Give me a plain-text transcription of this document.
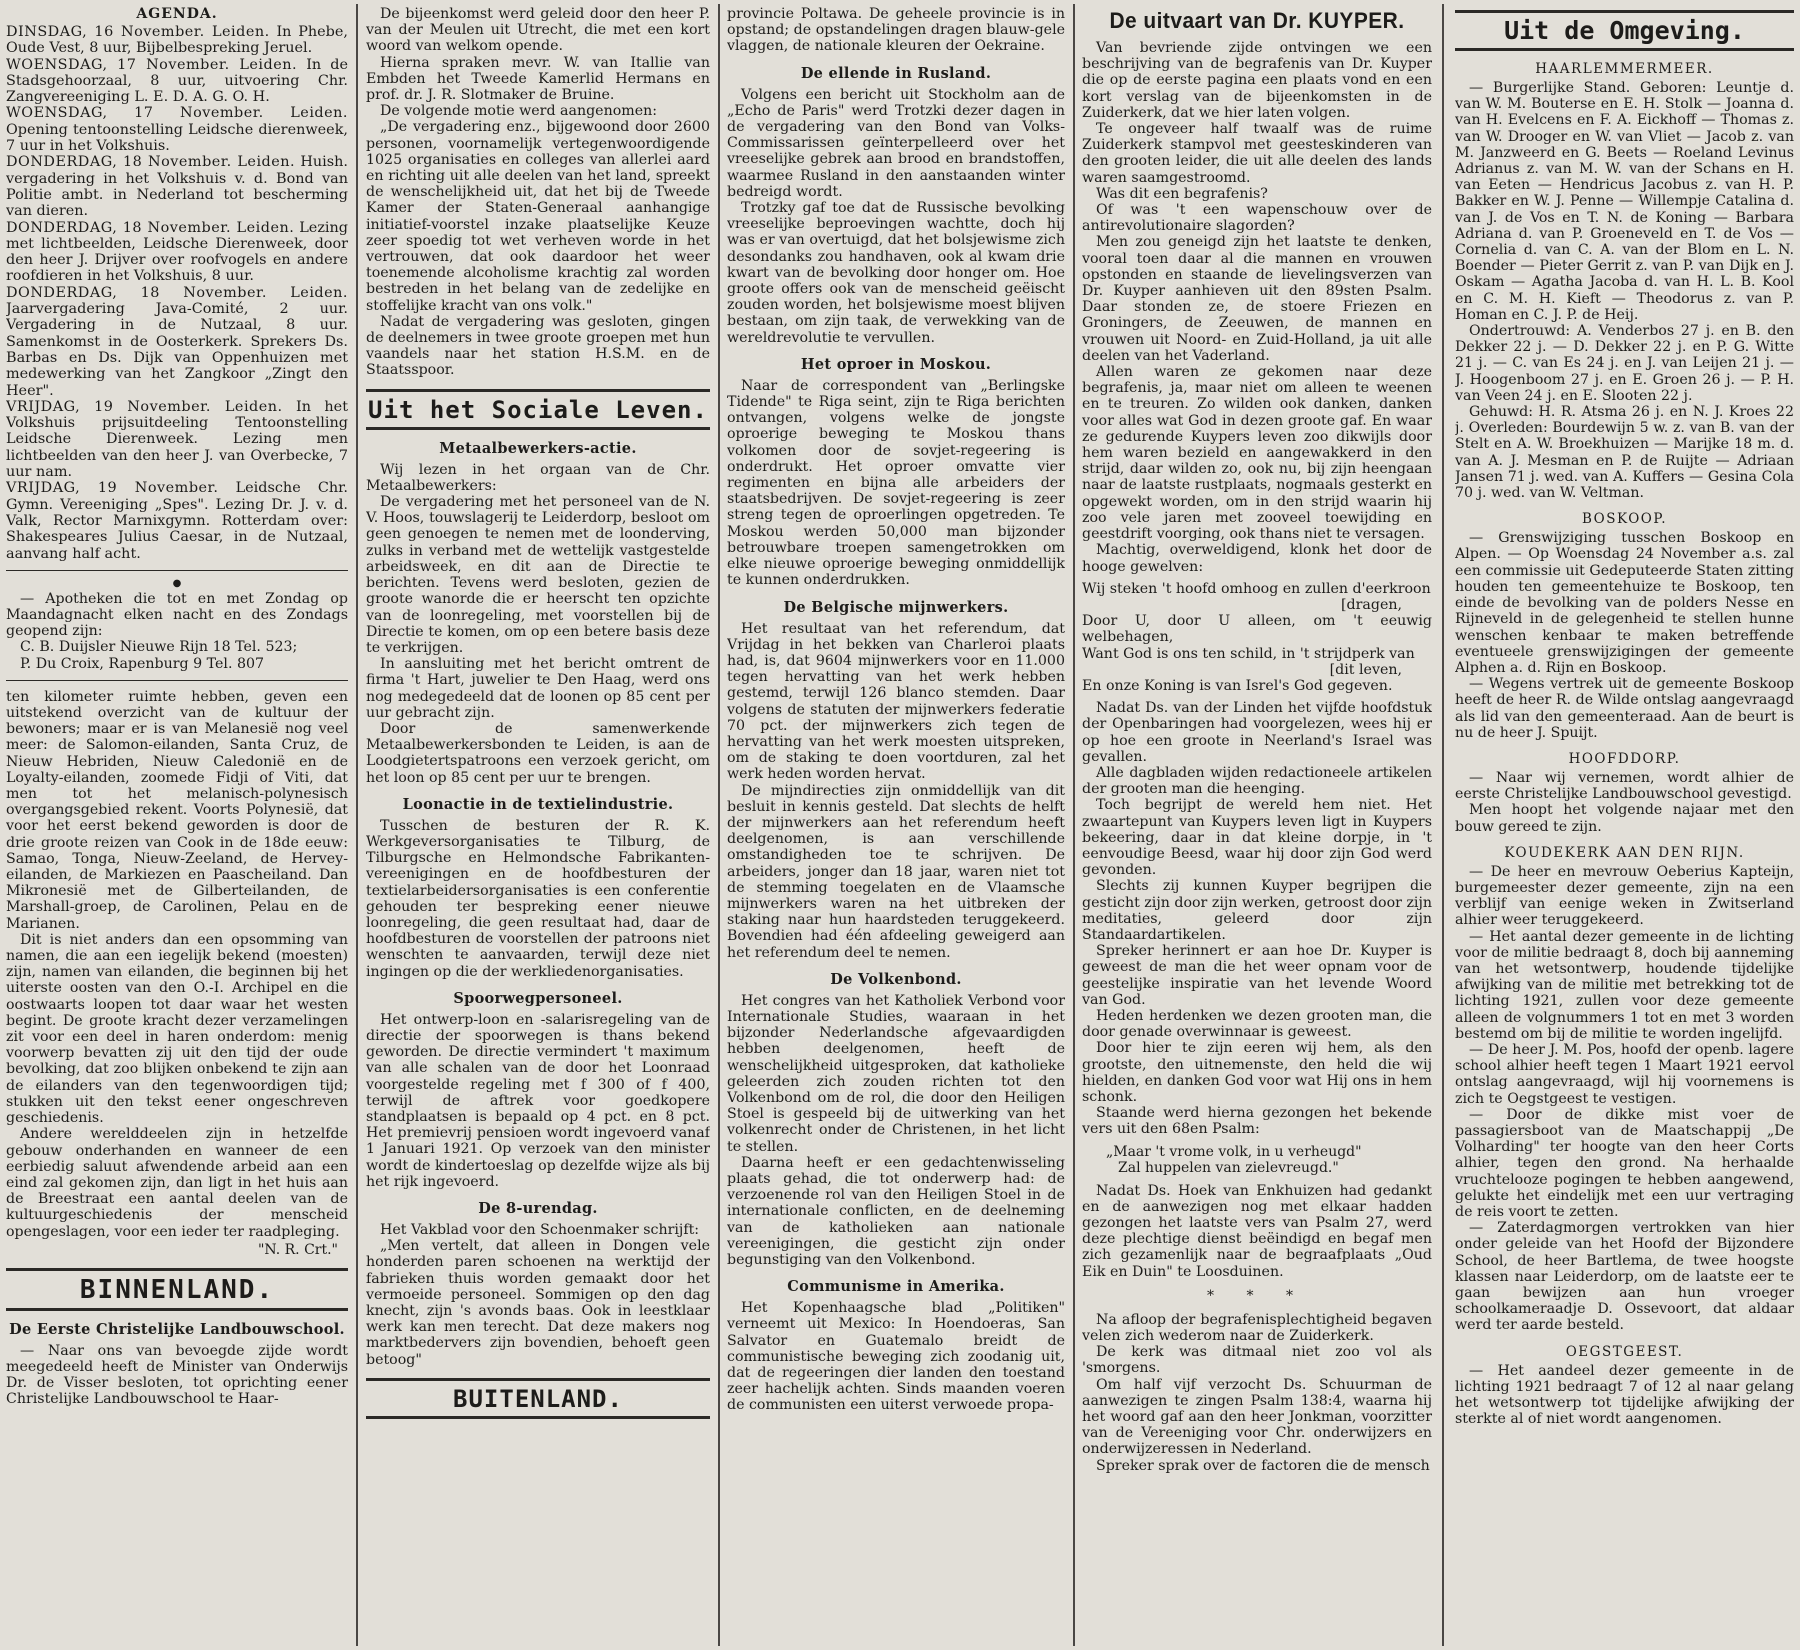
AGENDA.

DINSDAG, 16 November. Leiden. In Phebe, Oude Vest, 8 uur, Bijbelbespreking Jeruel.

WOENSDAG, 17 November. Leiden. In de Stadsgehoorzaal, 8 uur, uitvoering Chr. Zangvereeniging L. E. D. A. G. O. H.

WOENSDAG, 17 November. Leiden. Opening tentoonstelling Leidsche dierenweek, 7 uur in het Volkshuis.

DONDERDAG, 18 November. Leiden. Huish. vergadering in het Volkshuis v. d. Bond van Politie ambt. in Nederland tot bescherming van dieren.

DONDERDAG, 18 November. Leiden. Lezing met lichtbeelden, Leidsche Dierenweek, door den heer J. Drijver over roofvogels en andere roofdieren in het Volkshuis, 8 uur.

DONDERDAG, 18 November. Leiden. Jaarvergadering Java-Comité, 2 uur. Vergadering in de Nutzaal, 8 uur. Samenkomst in de Oosterkerk. Sprekers Ds. Barbas en Ds. Dijk van Oppenhuizen met medewerking van het Zangkoor „Zingt den Heer".

VRIJDAG, 19 November. Leiden. In het Volkshuis prijsuitdeeling Tentoonstelling Leidsche Dierenweek. Lezing men lichtbeelden van den heer J. van Overbecke, 7 uur nam.

VRIJDAG, 19 November. Leidsche Chr. Gymn. Vereeniging „Spes". Lezing Dr. J. v. d. Valk, Rector Marnixgymn. Rotterdam over: Shakespeares Julius Caesar, in de Nutzaal, aanvang half acht.

●

— Apotheken die tot en met Zondag op Maandagnacht elken nacht en des Zondags geopend zijn:

C. B. Duijsler Nieuwe Rijn 18 Tel. 523;

P. Du Croix, Rapenburg 9 Tel. 807

ten kilometer ruimte hebben, geven een uitstekend overzicht van de kultuur der bewoners; maar er is van Melanesië nog veel meer: de Salomon-eilanden, Santa Cruz, de Nieuw Hebriden, Nieuw Caledonië en de Loyalty-eilanden, zoomede Fidji of Viti, dat men tot het melanisch-polynesisch overgangsgebied rekent. Voorts Polynesië, dat voor het eerst bekend geworden is door de drie groote reizen van Cook in de 18de eeuw: Samao, Tonga, Nieuw-Zeeland, de Hervey-eilanden, de Markiezen en Paascheiland. Dan Mikronesië met de Gilberteilanden, de Marshall-groep, de Carolinen, Pelau en de Marianen.

Dit is niet anders dan een opsomming van namen, die aan een iegelijk bekend (moesten) zijn, namen van eilanden, die beginnen bij het uiterste oosten van den O.-I. Archipel en die oostwaarts loopen tot daar waar het westen begint. De groote kracht dezer verzamelingen zit voor een deel in haren onderdom: menig voorwerp bevatten zij uit den tijd der oude bevolking, dat zoo blijken onbekend te zijn aan de eilanders van den tegenwoordigen tijd; stukken uit den tekst eener ongeschreven geschiedenis.

Andere werelddeelen zijn in hetzelfde gebouw onderhanden en wanneer de een eerbiedig saluut afwendende arbeid aan een eind zal gekomen zijn, dan ligt in het huis aan de Breestraat een aantal deelen van de kultuurgeschiedenis der menscheid opengeslagen, voor een ieder ter raadpleging.

"N. R. Crt."
BINNENLAND.
De Eerste Christelijke Landbouwschool.

— Naar ons van bevoegde zijde wordt meegedeeld heeft de Minister van Onderwijs Dr. de Visser besloten, tot oprichting eener Christelijke Landbouwschool te Haar-

De bijeenkomst werd geleid door den heer P. van der Meulen uit Utrecht, die met een kort woord van welkom opende.

Hierna spraken mevr. W. van Itallie van Embden het Tweede Kamerlid Hermans en prof. dr. J. R. Slotmaker de Bruine.

De volgende motie werd aangenomen:

„De vergadering enz., bijgewoond door 2600 personen, voornamelijk vertegenwoordigende 1025 organisaties en colleges van allerlei aard en richting uit alle deelen van het land, spreekt de wenschelijkheid uit, dat het bij de Tweede Kamer der Staten-Generaal aanhangige initiatief-voorstel inzake plaatselijke Keuze zeer spoedig tot wet verheven worde in het vertrouwen, dat ook daardoor het weer toenemende alcoholisme krachtig zal worden bestreden in het belang van de zedelijke en stoffelijke kracht van ons volk."

Nadat de vergadering was gesloten, gingen de deelnemers in twee groote groepen met hun vaandels naar het station H.S.M. en de Staatsspoor.

Uit het Sociale Leven.
Metaalbewerkers-actie.

Wij lezen in het orgaan van de Chr. Metaalbewerkers:

De vergadering met het personeel van de N. V. Hoos, touwslagerij te Leiderdorp, besloot om geen genoegen te nemen met de loonderving, zulks in verband met de wettelijk vastgestelde arbeidsweek, en dit aan de Directie te berichten. Tevens werd besloten, gezien de groote wanorde die er heerscht ten opzichte van de loonregeling, met voorstellen bij de Directie te komen, om op een betere basis deze te verkrijgen.

In aansluiting met het bericht omtrent de firma 't Hart, juwelier te Den Haag, werd ons nog medegedeeld dat de loonen op 85 cent per uur gebracht zijn.

Door de samenwerkende Metaalbewerkersbonden te Leiden, is aan de Loodgietertspatroons een verzoek gericht, om het loon op 85 cent per uur te brengen.

Loonactie in de textielindustrie.

Tusschen de besturen der R. K. Werkgeversorganisaties te Tilburg, de Tilburgsche en Helmondsche Fabrikanten-vereenigingen en de hoofdbesturen der textielarbeidersorganisaties is een conferentie gehouden ter bespreking eener nieuwe loonregeling, die geen resultaat had, daar de hoofdbesturen de voorstellen der patroons niet wenschten te aanvaarden, terwijl deze niet ingingen op die der werkliedenorganisaties.

Spoorwegpersoneel.

Het ontwerp-loon en -salarisregeling van de directie der spoorwegen is thans bekend geworden. De directie vermindert 't maximum van alle schalen van de door het Loonraad voorgestelde regeling met f 300 of f 400, terwijl de aftrek voor goedkopere standplaatsen is bepaald op 4 pct. en 8 pct. Het premievrij pensioen wordt ingevoerd vanaf 1 Januari 1921. Op verzoek van den minister wordt de kindertoeslag op dezelfde wijze als bij het rijk ingevoerd.

De 8-urendag.

Het Vakblad voor den Schoenmaker schrijft:

„Men vertelt, dat alleen in Dongen vele honderden paren schoenen na werktijd der fabrieken thuis worden gemaakt door het vermoeide personeel. Sommigen op den dag knecht, zijn 's avonds baas. Ook in leestklaar werk kan men terecht. Dat deze makers nog marktbedervers zijn bovendien, behoeft geen betoog"

BUITENLAND.

provincie Poltawa. De geheele provincie is in opstand; de opstandelingen dragen blauw-gele vlaggen, de nationale kleuren der Oekraine.

De ellende in Rusland.

Volgens een bericht uit Stockholm aan de „Echo de Paris" werd Trotzki dezer dagen in de vergadering van den Bond van Volks-Commissarissen geïnterpelleerd over het vreeselijke gebrek aan brood en brandstoffen, waarmee Rusland in den aanstaanden winter bedreigd wordt.

Trotzky gaf toe dat de Russische bevolking vreeselijke beproevingen wachtte, doch hij was er van overtuigd, dat het bolsjewisme zich desondanks zou handhaven, ook al kwam drie kwart van de bevolking door honger om. Hoe groote offers ook van de menscheid geëischt zouden worden, het bolsjewisme moest blijven bestaan, om zijn taak, de verwekking van de wereldrevolutie te vervullen.

Het oproer in Moskou.

Naar de correspondent van „Berlingske Tidende" te Riga seint, zijn te Riga berichten ontvangen, volgens welke de jongste oproerige beweging te Moskou thans volkomen door de sovjet-regeering is onderdrukt. Het oproer omvatte vier regimenten en bijna alle arbeiders der staatsbedrijven. De sovjet-regeering is zeer streng tegen de oproerlingen opgetreden. Te Moskou werden 50,000 man bijzonder betrouwbare troepen samengetrokken om elke nieuwe oproerige beweging onmiddellijk te kunnen onderdrukken.

De Belgische mijnwerkers.

Het resultaat van het referendum, dat Vrijdag in het bekken van Charleroi plaats had, is, dat 9604 mijnwerkers voor en 11.000 tegen hervatting van het werk hebben gestemd, terwijl 126 blanco stemden. Daar volgens de statuten der mijnwerkers federatie 70 pct. der mijnwerkers zich tegen de hervatting van het werk moesten uitspreken, om de staking te doen voortduren, zal het werk heden worden hervat.

De mijndirecties zijn onmiddellijk van dit besluit in kennis gesteld. Dat slechts de helft der mijnwerkers aan het referendum heeft deelgenomen, is aan verschillende omstandigheden toe te schrijven. De arbeiders, jonger dan 18 jaar, waren niet tot de stemming toegelaten en de Vlaamsche mijnwerkers waren na het uitbreken der staking naar hun haardsteden teruggekeerd. Bovendien had één afdeeling geweigerd aan het referendum deel te nemen.

De Volkenbond.

Het congres van het Katholiek Verbond voor Internationale Studies, waaraan in het bijzonder Nederlandsche afgevaardigden hebben deelgenomen, heeft de wenschelijkheid uitgesproken, dat katholieke geleerden zich zouden richten tot den Volkenbond om de rol, die door den Heiligen Stoel is gespeeld bij de uitwerking van het volkenrecht onder de Christenen, in het licht te stellen.

Daarna heeft er een gedachtenwisseling plaats gehad, die tot onderwerp had: de verzoenende rol van den Heiligen Stoel in de internationale conflicten, en de deelneming van de katholieken aan nationale vereenigingen, die gesticht zijn onder begunstiging van den Volkenbond.

Communisme in Amerika.

Het Kopenhaagsche blad „Politiken" verneemt uit Mexico: In Hoendoeras, San Salvator en Guatemalo breidt de communistische beweging zich zoodanig uit, dat de regeeringen dier landen den toestand zeer hachelijk achten. Sinds maanden voeren de communisten een uiterst verwoede propa-

De uitvaart van Dr. KUYPER.

Van bevriende zijde ontvingen we een beschrijving van de begrafenis van Dr. Kuyper die op de eerste pagina een plaats vond en een kort verslag van de bijeenkomsten in de Zuiderkerk, dat we hier laten volgen.

Te ongeveer half twaalf was de ruime Zuiderkerk stampvol met geesteskinderen van den grooten leider, die uit alle deelen des lands waren saamgestroomd.

Was dit een begrafenis?

Of was 't een wapenschouw over de antirevolutionaire slagorden?

Men zou geneigd zijn het laatste te denken, vooral toen daar al die mannen en vrouwen opstonden en staande de lievelingsverzen van Dr. Kuyper aanhieven uit den 89sten Psalm. Daar stonden ze, de stoere Friezen en Groningers, de Zeeuwen, de mannen en vrouwen uit Noord- en Zuid-Holland, ja uit alle deelen van het Vaderland.

Allen waren ze gekomen naar deze begrafenis, ja, maar niet om alleen te weenen en te treuren. Zo wilden ook danken, danken voor alles wat God in dezen groote gaf. En waar ze gedurende Kuypers leven zoo dikwijls door hem waren bezield en aangewakkerd in den strijd, daar wilden zo, ook nu, bij zijn heengaan naar de laatste rustplaats, nogmaals gesterkt en opgewekt worden, om in den strijd waarin hij zoo vele jaren met zooveel toewijding en geestdrift voorging, ook thans niet te versagen.

Machtig, overweldigend, klonk het door de hooge gewelven:

Wij steken 't hoofd omhoog en zullen d'eerkroon

[dragen,

Door U, door U alleen, om 't eeuwig welbehagen,

Want God is ons ten schild, in 't strijdperk van

[dit leven,

En onze Koning is van Isrel's God gegeven.

Nadat Ds. van der Linden het vijfde hoofdstuk der Openbaringen had voorgelezen, wees hij er op hoe een groote in Neerland's Israel was gevallen.

Alle dagbladen wijden redactioneele artikelen der grooten man die heenging.

Toch begrijpt de wereld hem niet. Het zwaartepunt van Kuypers leven ligt in Kuypers bekeering, daar in dat kleine dorpje, in 't eenvoudige Beesd, waar hij door zijn God werd gevonden.

Slechts zij kunnen Kuyper begrijpen die gesticht zijn door zijn werken, getroost door zijn meditaties, geleerd door zijn Standaardartikelen.

Spreker herinnert er aan hoe Dr. Kuyper is geweest de man die het weer opnam voor de geestelijke inspiratie van het levende Woord van God.

Heden herdenken we dezen grooten man, die door genade overwinnaar is geweest.

Door hier te zijn eeren wij hem, als den grootste, den uitnemenste, den held die wij hielden, en danken God voor wat Hij ons in hem schonk.

Staande werd hierna gezongen het bekende vers uit den 68en Psalm:

„Maar 't vrome volk, in u verheugd"
Zal huppelen van zielevreugd."

Nadat Ds. Hoek van Enkhuizen had gedankt en de aanwezigen nog met elkaar hadden gezongen het laatste vers van Psalm 27, werd deze plechtige dienst beëindigd en begaf men zich gezamenlijk naar de begraafplaats „Oud Eik en Duin" te Loosduinen.

* * *

Na afloop der begrafenisplechtigheid begaven velen zich wederom naar de Zuiderkerk.

De kerk was ditmaal niet zoo vol als 'smorgens.

Om half vijf verzocht Ds. Schuurman de aanwezigen te zingen Psalm 138:4, waarna hij het woord gaf aan den heer Jonkman, voorzitter van de Vereeniging voor Chr. onderwijzers en onderwijzeressen in Nederland.

Spreker sprak over de factoren die de mensch

Uit de Omgeving.
HAARLEMMERMEER.

— Burgerlijke Stand. Geboren: Leuntje d. van W. M. Bouterse en E. H. Stolk — Joanna d. van H. Evelcens en F. A. Eickhoff — Thomas z. van W. Drooger en W. van Vliet — Jacob z. van M. Janzweerd en G. Beets — Roeland Levinus Adrianus z. van M. W. van der Schans en H. van Eeten — Hendricus Jacobus z. van H. P. Bakker en W. J. Penne — Willempje Catalina d. van J. de Vos en T. N. de Koning — Barbara Adriana d. van P. Groeneveld en T. de Vos — Cornelia d. van C. A. van der Blom en L. N. Boender — Pieter Gerrit z. van P. van Dijk en J. Oskam — Agatha Jacoba d. van H. L. B. Kool en C. M. H. Kieft — Theodorus z. van P. Homan en C. J. P. de Heij.

Ondertrouwd: A. Venderbos 27 j. en B. den Dekker 22 j. — D. Dekker 22 j. en P. G. Witte 21 j. — C. van Es 24 j. en J. van Leijen 21 j. — J. Hoogenboom 27 j. en E. Groen 26 j. — P. H. van Veen 24 j. en E. Slooten 22 j.

Gehuwd: H. R. Atsma 26 j. en N. J. Kroes 22 j. Overleden: Bourdewijn 5 w. z. van B. van der Stelt en A. W. Broekhuizen — Marijke 18 m. d. van A. J. Mesman en P. de Ruijte — Adriaan Jansen 71 j. wed. van A. Kuffers — Gesina Cola 70 j. wed. van W. Veltman.

BOSKOOP.

— Grenswijziging tusschen Boskoop en Alpen. — Op Woensdag 24 November a.s. zal een commissie uit Gedeputeerde Staten zitting houden ten gemeentehuize te Boskoop, ten einde de bevolking van de polders Nesse en Rijneveld in de gelegenheid te stellen hunne wenschen kenbaar te maken betreffende eventueele grenswijzigingen der gemeente Alphen a. d. Rijn en Boskoop.

— Wegens vertrek uit de gemeente Boskoop heeft de heer R. de Wilde ontslag aangevraagd als lid van den gemeenteraad. Aan de beurt is nu de heer J. Spuijt.

HOOFDDORP.

— Naar wij vernemen, wordt alhier de eerste Christelijke Landbouwschool gevestigd.

Men hoopt het volgende najaar met den bouw gereed te zijn.

KOUDEKERK AAN DEN RIJN.

— De heer en mevrouw Oeberius Kapteijn, burgemeester dezer gemeente, zijn na een verblijf van eenige weken in Zwitserland alhier weer teruggekeerd.

— Het aantal dezer gemeente in de lichting voor de militie bedraagt 8, doch bij aanneming van het wetsontwerp, houdende tijdelijke afwijking van de militie met betrekking tot de lichting 1921, zullen voor deze gemeente alleen de volgnummers 1 tot en met 3 worden bestemd om bij de militie te worden ingelijfd.

— De heer J. M. Pos, hoofd der openb. lagere school alhier heeft tegen 1 Maart 1921 eervol ontslag aangevraagd, wijl hij voornemens is zich te Oegstgeest te vestigen.

— Door de dikke mist voer de passagiersboot van de Maatschappij „De Volharding" ter hoogte van den heer Corts alhier, tegen den grond. Na herhaalde vruchtelooze pogingen te hebben aangewend, gelukte het eindelijk met een uur vertraging de reis voort te zetten.

— Zaterdagmorgen vertrokken van hier onder geleide van het Hoofd der Bijzondere School, de heer Bartlema, de twee hoogste klassen naar Leiderdorp, om de laatste eer te gaan bewijzen aan hun vroeger schoolkameraadje D. Ossevoort, dat aldaar werd ter aarde besteld.

OEGSTGEEST.

— Het aandeel dezer gemeente in de lichting 1921 bedraagt 7 of 12 al naar gelang het wetsontwerp tot tijdelijke afwijking der sterkte al of niet wordt aangenomen.
